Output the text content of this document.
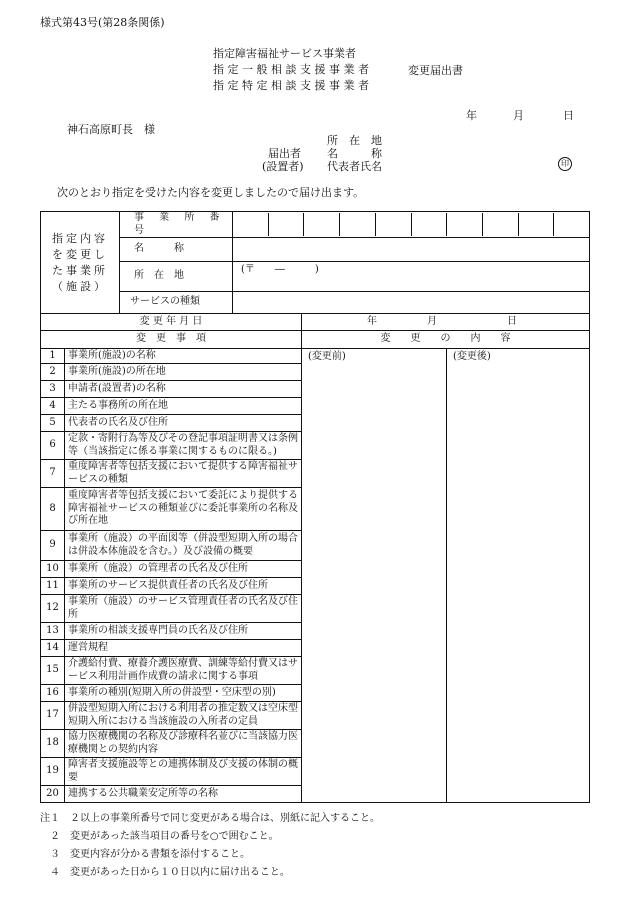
様式第43号(第28条関係)
指定障害福祉サービス事業者
指 定 一 般 相 談 支 援 事 業 者
指 定 特 定 相 談 支 援 事 業 者
変更届出書
年	月	日
神石高原町長　様
所　在　地
届出者 名　　　称
(設置者) 代表者氏名	印
次のとおり指定を受けた内容を変更しましたので届け出ます。
指定内容を変更した事業所（施設）		事 業 所 番 号			

		名　　　称			
		所　在　地	(〒　　―　　　)		
		サービスの種類			
変 更 年 月 日				年 月 日	

変　更　事　項				変　　更　　の　　内　　容	
1	事業所(施設)の名称			(変更前)	(変更後)
2	事業所(施設)の所在地				
3	申請者(設置者)の名称				
4	主たる事務所の所在地				
5	代表者の氏名及び住所				
6	定款・寄附行為等及びその登記事項証明書又は条例等（当該指定に係る事業に関するものに限る。)				
7	重度障害者等包括支援において提供する障害福祉サービスの種類				
8	重度障害者等包括支援において委託により提供する障害福祉サービスの種類並びに委託事業所の名称及び所在地				
9	事業所（施設）の平面図等（併設型短期入所の場合は併設本体施設を含む。）及び設備の概要				
10	事業所（施設）の管理者の氏名及び住所				
11	事業所のサービス提供責任者の氏名及び住所				
12	事業所（施設）のサービス管理責任者の氏名及び住所				
13	事業所の相談支援専門員の氏名及び住所				
14	運営規程				
15	介護給付費、療養介護医療費、訓練等給付費又はサービス利用計画作成費の請求に関する事項				
16	事業所の種別(短期入所の併設型・空床型の別)				
17	併設型短期入所における利用者の推定数又は空床型短期入所における当該施設の入所者の定員				
18	協力医療機関の名称及び診療科名並びに当該協力医療機関との契約内容				
19	障害者支援施設等との連携体制及び支援の体制の概要				
20	連携する公共職業安定所等の名称				
注１　２以上の事業所番号で同じ変更がある場合は、別紙に記入すること。
　２　変更があった該当項目の番号を○で囲むこと。
　３　変更内容が分かる書類を添付すること。
　４　変更があった日から１０日以内に届け出ること。
